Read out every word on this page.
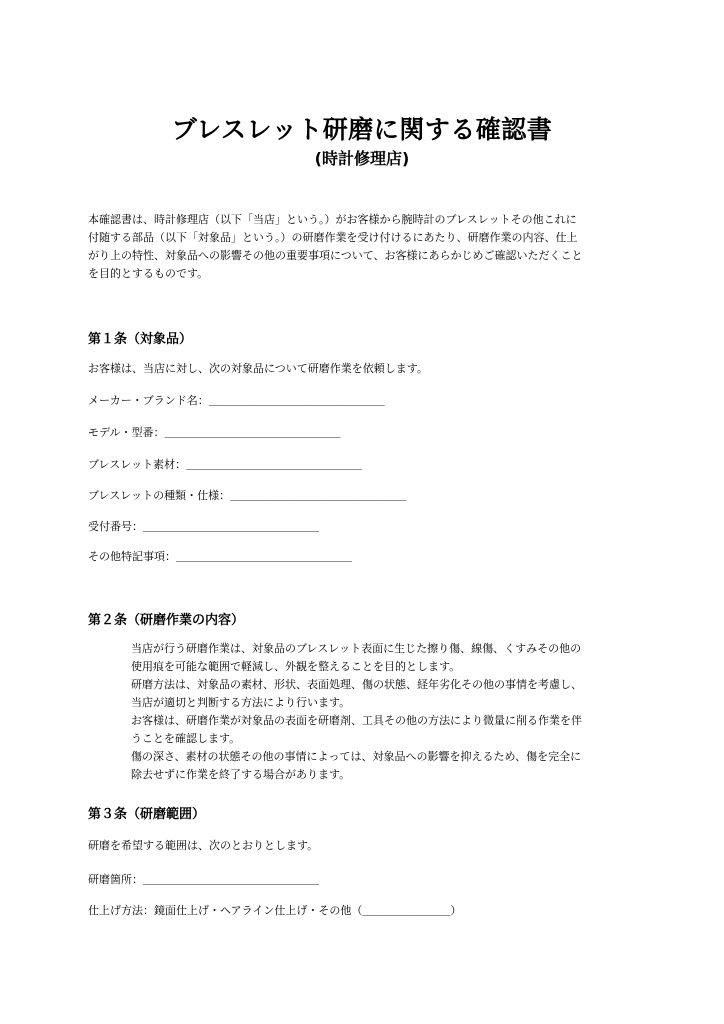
ブレスレット研磨に関する確認書
(時計修理店)
本確認書は、時計修理店（以下「当店」という。）がお客様から腕時計のブレスレットその他これに
付随する部品（以下「対象品」という。）の研磨作業を受け付けるにあたり、研磨作業の内容、仕上
がり上の特性、対象品への影響その他の重要事項について、お客様にあらかじめご確認いただくこと
を目的とするものです。
第１条（対象品）
お客様は、当店に対し、次の対象品について研磨作業を依頼します。
メーカー・ブランド名：＿＿＿＿＿＿＿＿＿＿＿＿＿＿＿＿
モデル・型番：＿＿＿＿＿＿＿＿＿＿＿＿＿＿＿＿
ブレスレット素材：＿＿＿＿＿＿＿＿＿＿＿＿＿＿＿＿
ブレスレットの種類・仕様：＿＿＿＿＿＿＿＿＿＿＿＿＿＿＿＿
受付番号：＿＿＿＿＿＿＿＿＿＿＿＿＿＿＿＿
その他特記事項：＿＿＿＿＿＿＿＿＿＿＿＿＿＿＿＿
第２条（研磨作業の内容）
当店が行う研磨作業は、対象品のブレスレット表面に生じた擦り傷、線傷、くすみその他の
使用痕を可能な範囲で軽減し、外観を整えることを目的とします。
研磨方法は、対象品の素材、形状、表面処理、傷の状態、経年劣化その他の事情を考慮し、
当店が適切と判断する方法により行います。
お客様は、研磨作業が対象品の表面を研磨剤、工具その他の方法により微量に削る作業を伴
うことを確認します。
傷の深さ、素材の状態その他の事情によっては、対象品への影響を抑えるため、傷を完全に
除去せずに作業を終了する場合があります。
第３条（研磨範囲）
研磨を希望する範囲は、次のとおりとします。
研磨箇所：＿＿＿＿＿＿＿＿＿＿＿＿＿＿＿＿
仕上げ方法：鏡面仕上げ・ヘアライン仕上げ・その他（＿＿＿＿＿＿＿＿）
